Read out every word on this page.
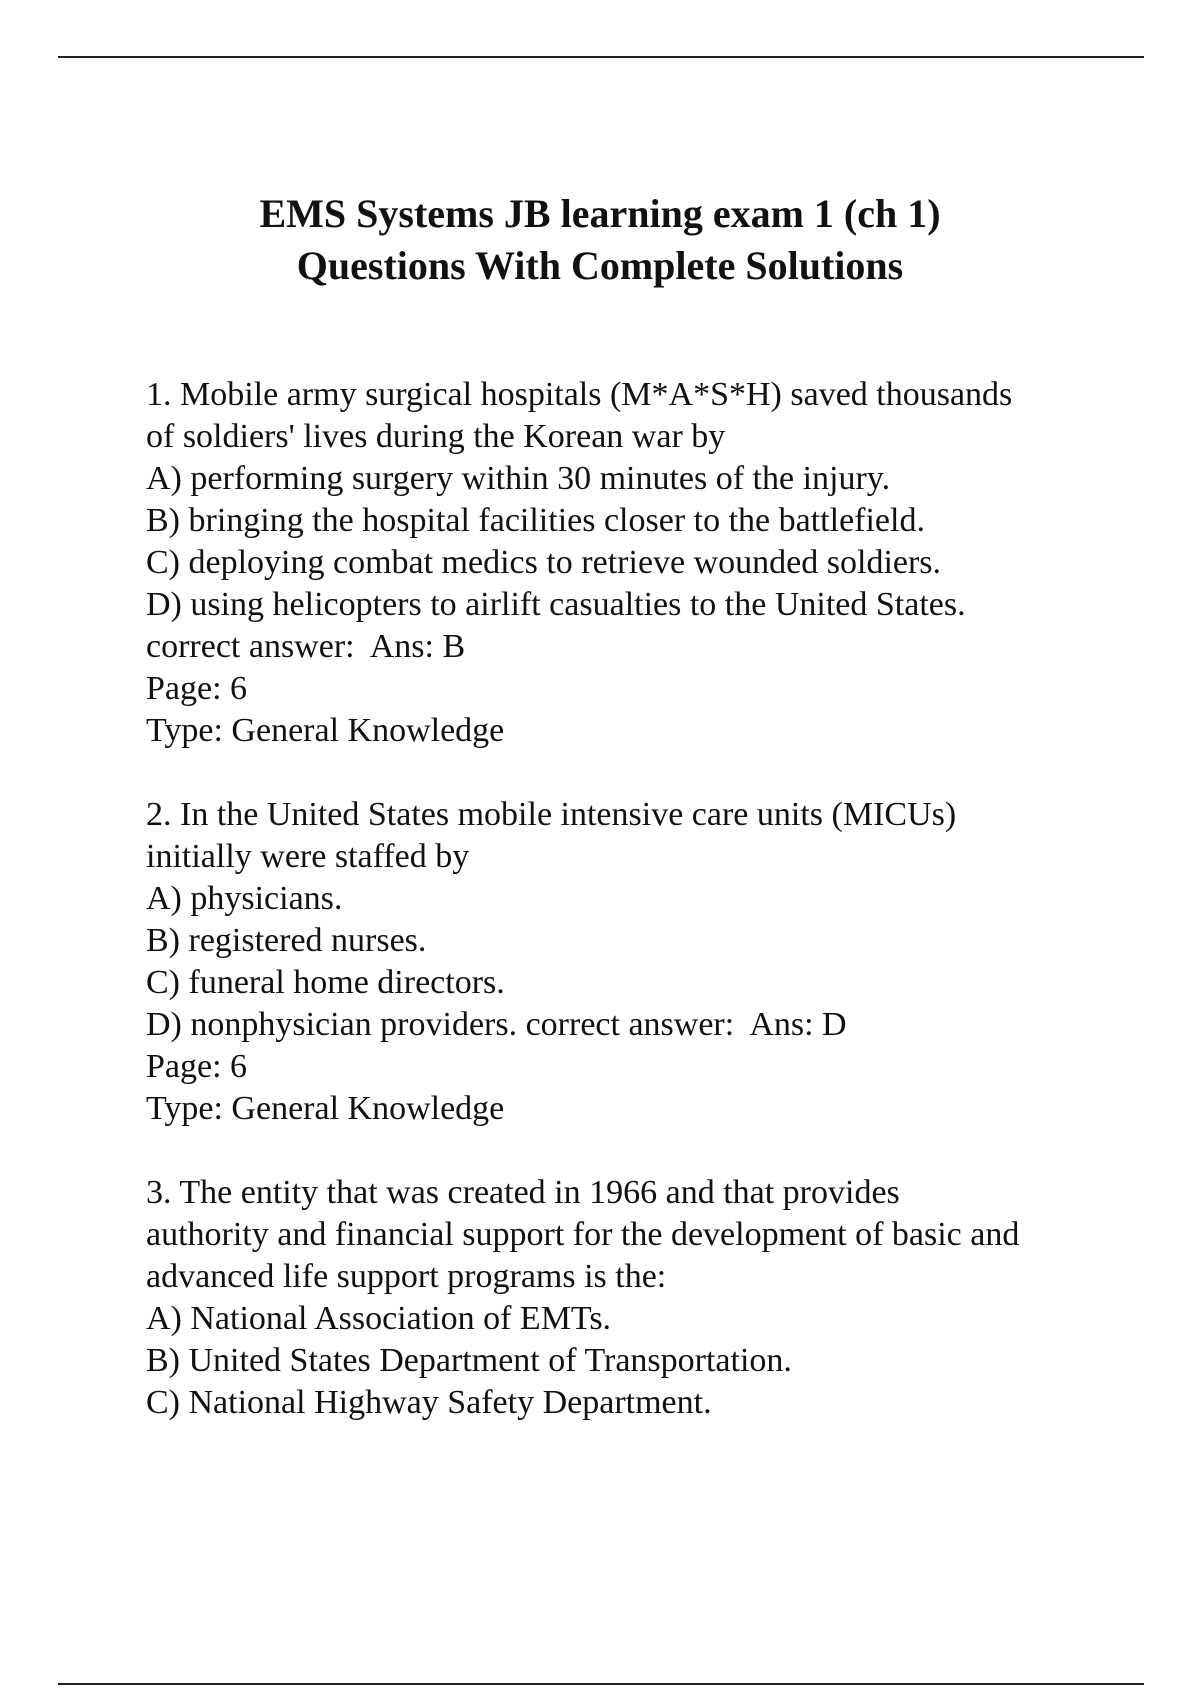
EMS Systems JB learning exam 1 (ch 1)
Questions With Complete Solutions
1. Mobile army surgical hospitals (M*A*S*H) saved thousands
of soldiers' lives during the Korean war by
A) performing surgery within 30 minutes of the injury.
B) bringing the hospital facilities closer to the battlefield.
C) deploying combat medics to retrieve wounded soldiers.
D) using helicopters to airlift casualties to the United States.
correct answer:  Ans: B
Page: 6
Type: General Knowledge
2. In the United States mobile intensive care units (MICUs)
initially were staffed by
A) physicians.
B) registered nurses.
C) funeral home directors.
D) nonphysician providers. correct answer:  Ans: D
Page: 6
Type: General Knowledge
3. The entity that was created in 1966 and that provides
authority and financial support for the development of basic and
advanced life support programs is the:
A) National Association of EMTs.
B) United States Department of Transportation.
C) National Highway Safety Department.
